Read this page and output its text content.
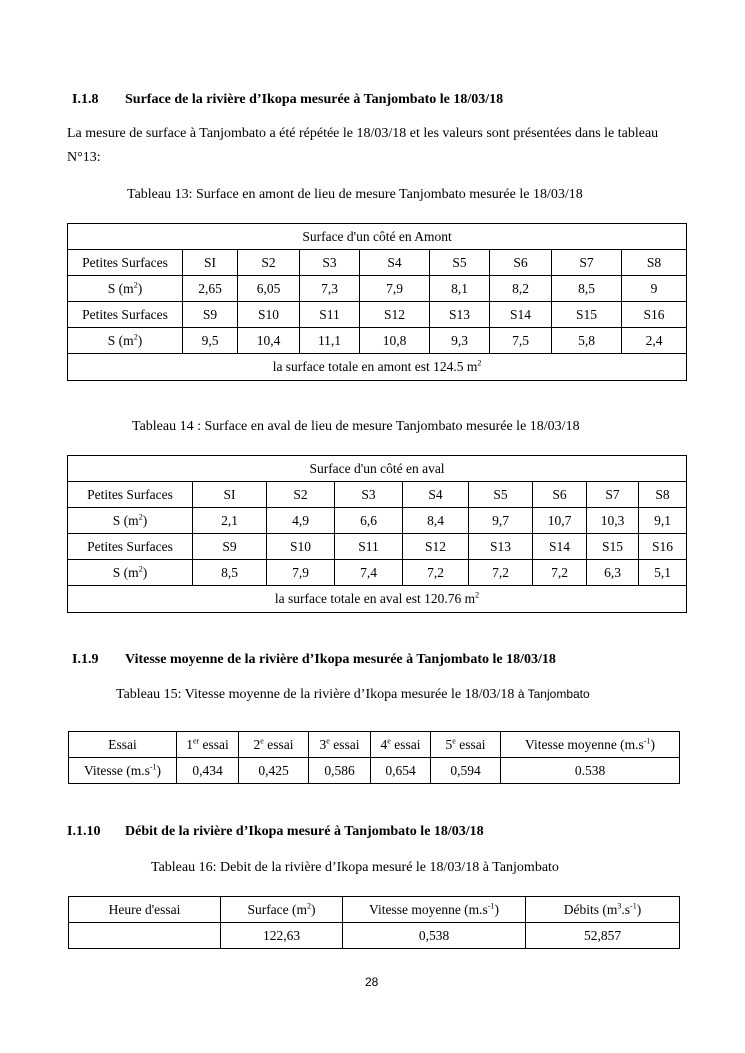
I.1.8 Surface de la rivière d’Ikopa mesurée à Tanjombato le 18/03/18
La mesure de surface à Tanjombato a été répétée le 18/03/18 et les valeurs sont présentées dans le tableau N°13:
Tableau 13: Surface en amont de lieu de mesure Tanjombato mesurée le 18/03/18
Surface d'un côté en Amont								
Petites Surfaces	SI	S2	S3	S4	S5	S6	S7	S8
S $(m^2)$	2,65	6,05	7,3	7,9	8,1	8,2	8,5	9
Petites Surfaces	S9	S10	S11	S12	S13	S14	S15	S16
S $(m^2)$	9,5	10,4	11,1	10,8	9,3	7,5	5,8	2,4
la surface totale en amont est 124.5 $m^2$
Tableau 14 : Surface en aval de lieu de mesure Tanjombato mesurée le 18/03/18
Surface d'un côté en aval								
Petites Surfaces	SI	S2	S3	S4	S5	S6	S7	S8
S $(m^2)$	2,1	4,9	6,6	8,4	9,7	10,7	10,3	9,1
Petites Surfaces	S9	S10	S11	S12	S13	S14	S15	S16
S $(m^2)$	8,5	7,9	7,4	7,2	7,2	7,2	6,3	5,1
la surface totale en aval est 120.76 $m^2$
I.1.9 Vitesse moyenne de la rivière d’Ikopa mesurée à Tanjombato le 18/03/18
Tableau 15: Vitesse moyenne de la rivière d’Ikopa mesurée le 18/03/18 à Tanjombato
Essai	1er essai	2e essai	3e essai	4e essai	5e essai	Vitesse moyenne $(m.s^{-1})$
Vitesse $(m.s^{-1})$	0,434	0,425	0,586	0,654	0,594	0.538
I.1.10 Débit de la rivière d’Ikopa mesuré à Tanjombato le 18/03/18
Tableau 16: Debit de la rivière d’Ikopa mesuré le 18/03/18 à Tanjombato
Heure d'essai	Surface $(m^2)$	Vitesse moyenne $(m.s^{-1})$	Débits $(m^3.s^{-1})$
	122,63	0,538	52,857
28
